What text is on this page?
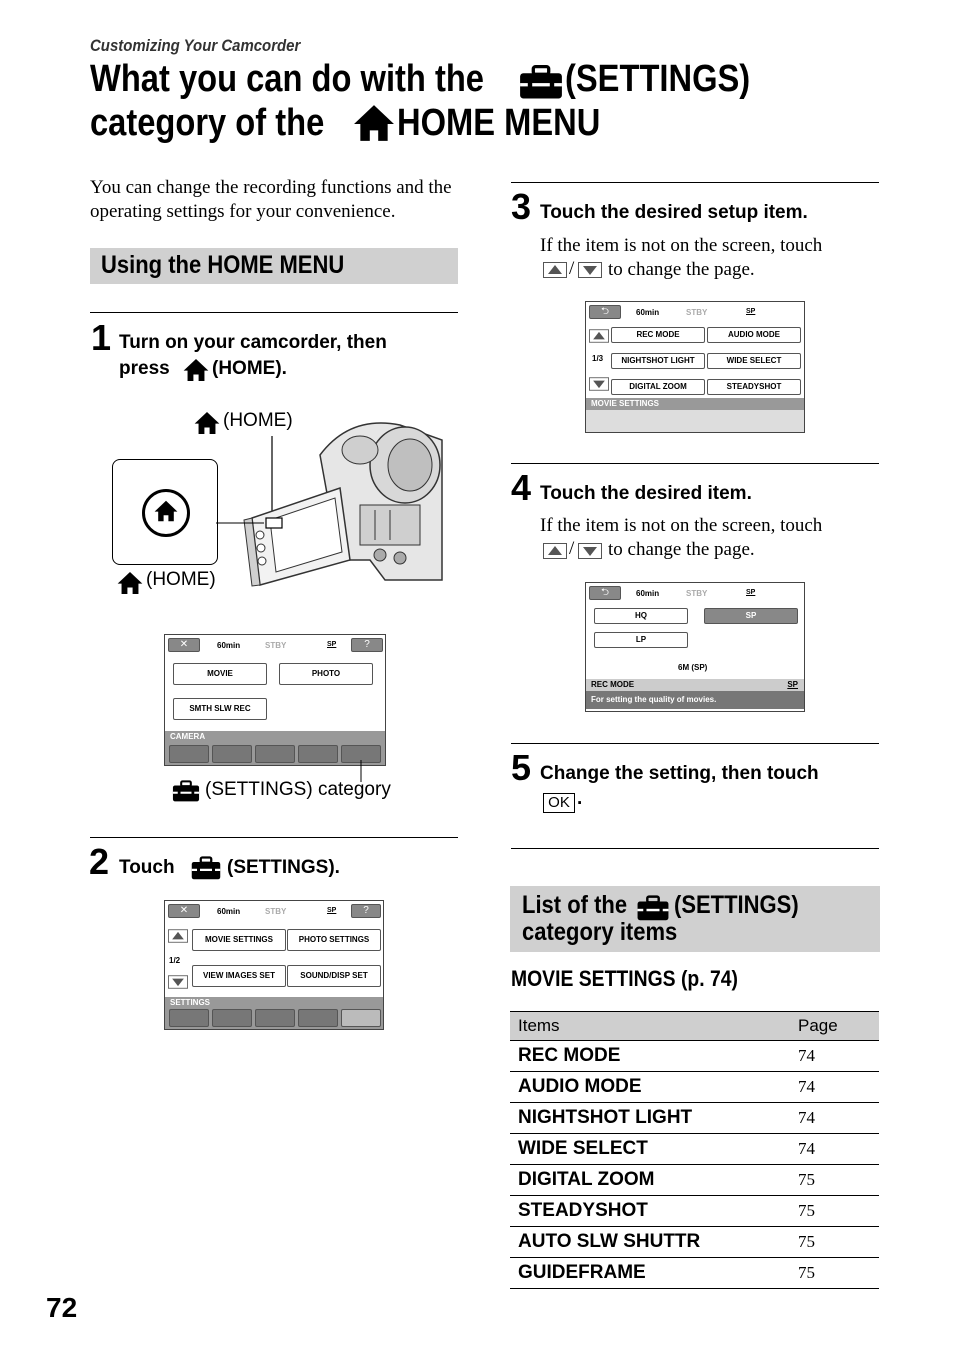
Customizing Your Camcorder
What you can do with the
category of the
(SETTINGS)
HOME MENU
You can change the recording functions and the operating settings for your convenience.
Using the HOME MENU
1 Turn on your camcorder, then
press (HOME).
(HOME)
(HOME)
✕	60min	STBY	SP	?
MOVIE	PHOTO
SMTH SLW REC
CAMERA
(SETTINGS) category
2 Touch	(SETTINGS).
✕	60min	STBY	SP	?
1/2
MOVIE SETTINGS	PHOTO SETTINGS
VIEW IMAGES SET	SOUND/DISP SET
SETTINGS
3 Touch the desired setup item.
If the item is not on the screen, touch
/ to change the page.
⮌	60min	STBY	SP
1/3
REC MODE	AUDIO MODE
NIGHTSHOT LIGHT	WIDE SELECT
DIGITAL ZOOM	STEADYSHOT
MOVIE SETTINGS
4 Touch the desired item.
If the item is not on the screen, touch
/ to change the page.
⮌	60min	STBY	SP
HQ	SP
LP
6M (SP)
REC MODE	SP
For setting the quality of movies.
5 Change the setting, then touch
OK .
List of the (SETTINGS)
category items
MOVIE SETTINGS (p. 74)
Items	Page
REC MODE	74
AUDIO MODE	74
NIGHTSHOT LIGHT	74
WIDE SELECT	74
DIGITAL ZOOM	75
STEADYSHOT	75
AUTO SLW SHUTTR	75
GUIDEFRAME	75
72
